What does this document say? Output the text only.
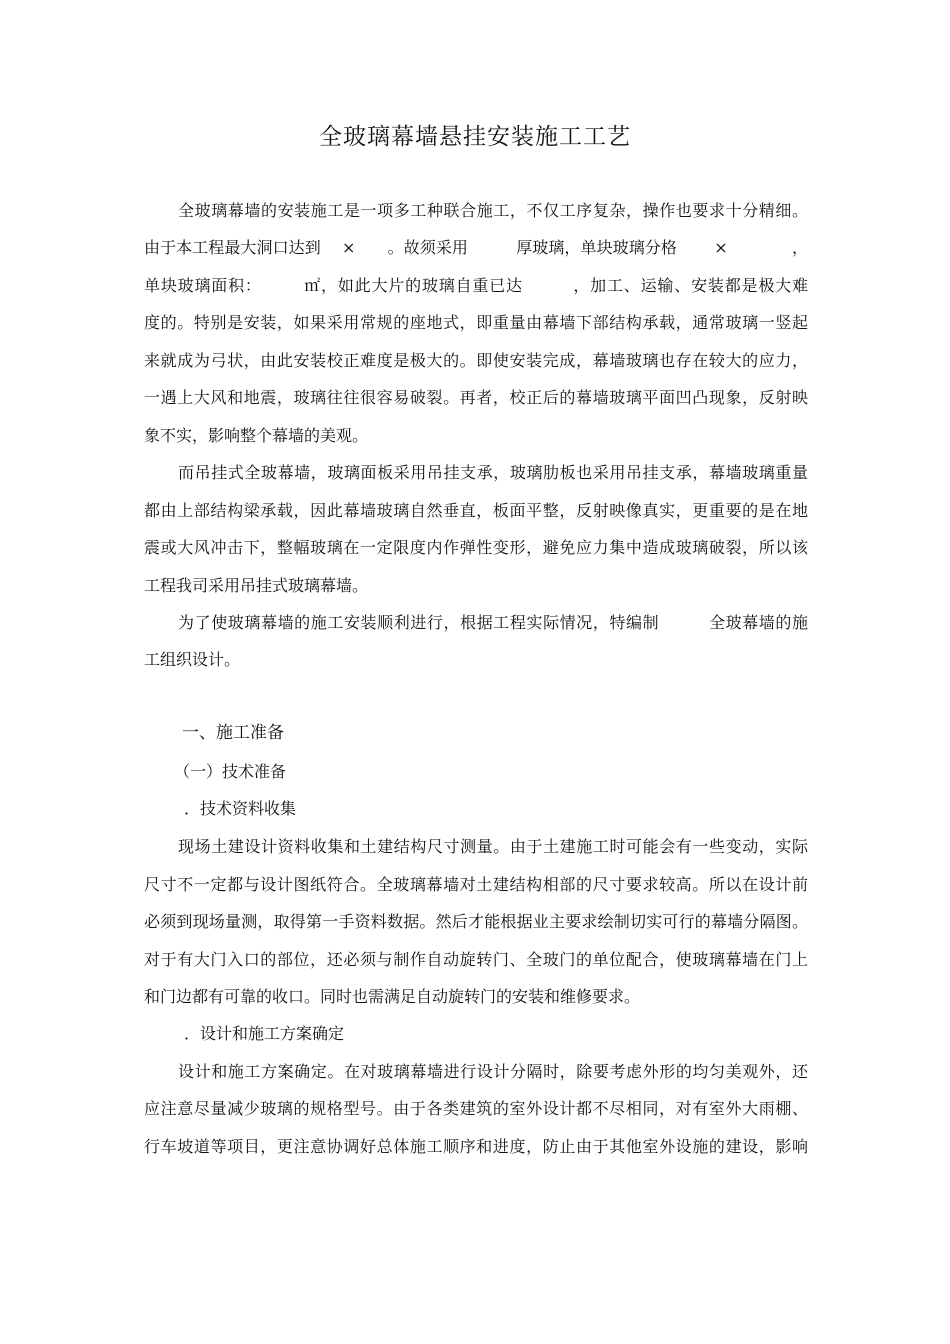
全玻璃幕墙悬挂安装施工工艺
全玻璃幕墙的安装施工是一项多工种联合施工，不仅工序复杂，操作也要求十分精细。
由于本工程最大洞口达到　 ×　　。故须采用　　　厚玻璃，单块玻璃分格　　 ×　　　　，
单块玻璃面积：　　　㎡，如此大片的玻璃自重已达　　　，加工、运输、安装都是极大难
度的。特别是安装，如果采用常规的座地式，即重量由幕墙下部结构承载，通常玻璃一竖起
来就成为弓状，由此安装校正难度是极大的。即使安装完成，幕墙玻璃也存在较大的应力，
一遇上大风和地震，玻璃往往很容易破裂。再者，校正后的幕墙玻璃平面凹凸现象，反射映
象不实，影响整个幕墙的美观。
而吊挂式全玻幕墙，玻璃面板采用吊挂支承，玻璃肋板也采用吊挂支承，幕墙玻璃重量
都由上部结构梁承载，因此幕墙玻璃自然垂直，板面平整，反射映像真实，更重要的是在地
震或大风冲击下，整幅玻璃在一定限度内作弹性变形，避免应力集中造成玻璃破裂，所以该
工程我司采用吊挂式玻璃幕墙。
为了使玻璃幕墙的施工安装顺利进行，根据工程实际情况，特编制　　　全玻幕墙的施
工组织设计。
一、施工准备
（一）技术准备
．技术资料收集
现场土建设计资料收集和土建结构尺寸测量。由于土建施工时可能会有一些变动，实际
尺寸不一定都与设计图纸符合。全玻璃幕墙对土建结构相部的尺寸要求较高。所以在设计前
必须到现场量测，取得第一手资料数据。然后才能根据业主要求绘制切实可行的幕墙分隔图。
对于有大门入口的部位，还必须与制作自动旋转门、全玻门的单位配合，使玻璃幕墙在门上
和门边都有可靠的收口。同时也需满足自动旋转门的安装和维修要求。
．设计和施工方案确定
设计和施工方案确定。在对玻璃幕墙进行设计分隔时，除要考虑外形的均匀美观外，还
应注意尽量减少玻璃的规格型号。由于各类建筑的室外设计都不尽相同，对有室外大雨棚、
行车坡道等项目，更注意协调好总体施工顺序和进度，防止由于其他室外设施的建设，影响
